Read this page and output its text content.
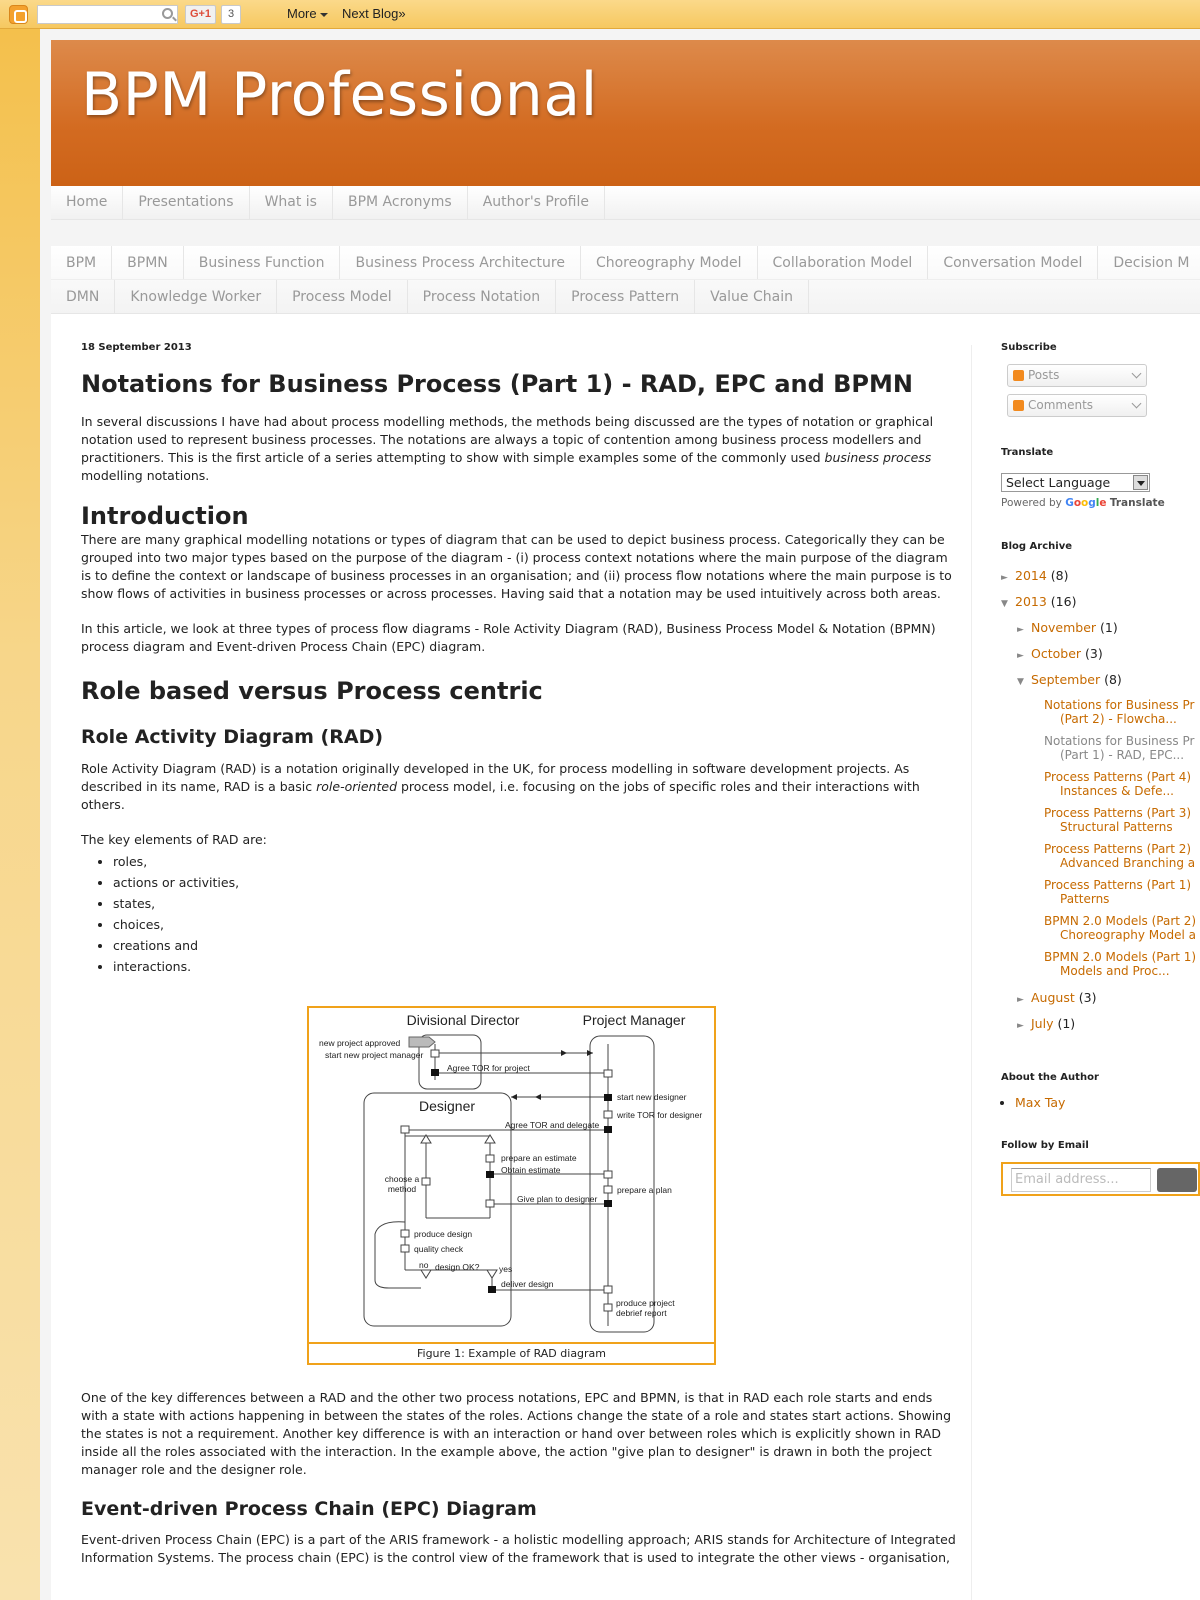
G+1	3	More	Next Blog»
BPM Professional
Home	Presentations	What is	BPM Acronyms	Author's Profile
BPM	BPMN	Business Function	Business Process Architecture	Choreography Model	Collaboration Model	Conversation Model	Decision M
DMN	Knowledge Worker	Process Model	Process Notation	Process Pattern	Value Chain
18 September 2013
Notations for Business Process (Part 1) - RAD, EPC and BPMN

In several discussions I have had about process modelling methods, the methods being discussed are the types of notation or graphical notation used to represent business processes. The notations are always a topic of contention among business process modellers and practitioners. This is the first article of a series attempting to show with simple examples some of the commonly used business process modelling notations.

Introduction

There are many graphical modelling notations or types of diagram that can be used to depict business process. Categorically they can be grouped into two major types based on the purpose of the diagram - (i) process context notations where the main purpose of the diagram is to define the context or landscape of business processes in an organisation; and (ii) process flow notations where the main purpose is to show flows of activities in business processes or across processes. Having said that a notation may be used intuitively across both areas.

In this article, we look at three types of process flow diagrams - Role Activity Diagram (RAD), Business Process Model & Notation (BPMN) process diagram and Event-driven Process Chain (EPC) diagram.

Role based versus Process centric
Role Activity Diagram (RAD)

Role Activity Diagram (RAD) is a notation originally developed in the UK, for process modelling in software development projects. As described in its name, RAD is a basic role-oriented process model, i.e. focusing on the jobs of specific roles and their interactions with others.

The key elements of RAD are:

• roles,
• actions or activities,
• states,
• choices,
• creations and
• interactions.
Divisional Director	Project Manager
Designer
new project approved
start new project manager
Agree TOR for project
start new designer
write TOR for designer
Agree TOR and delegate
choose a
method
prepare an estimate
Obtain estimate
prepare a plan
Give plan to designer
produce design
quality check
no design OK? yes
deliver design
produce project
debrief report
Figure 1: Example of RAD diagram

One of the key differences between a RAD and the other two process notations, EPC and BPMN, is that in RAD each role starts and ends with a state with actions happening in between the states of the roles. Actions change the state of a role and states start actions. Showing the states is not a requirement. Another key difference is with an interaction or hand over between roles which is explicitly shown in RAD inside all the roles associated with the interaction. In the example above, the action "give plan to designer" is drawn in both the project manager role and the designer role.

Event-driven Process Chain (EPC) Diagram

Event-driven Process Chain (EPC) is a part of the ARIS framework - a holistic modelling approach; ARIS stands for Architecture of Integrated Information Systems. The process chain (EPC) is the control view of the framework that is used to integrate the other views - organisation,

Subscribe
Posts
Comments
Translate
Select Language
Powered by Google Translate
Blog Archive
► 2014 (8)
▼ 2013 (16)
► November (1)
► October (3)
▼ September (8)
Notations for Business Pr (Part 2) - Flowcha...
Notations for Business Pr (Part 1) - RAD, EPC...
Process Patterns (Part 4) Instances & Defe...
Process Patterns (Part 3) Structural Patterns
Process Patterns (Part 2) Advanced Branching a
Process Patterns (Part 1) Patterns
BPMN 2.0 Models (Part 2) Choreography Model a
BPMN 2.0 Models (Part 1) Models and Proc...
► August (3)
► July (1)
About the Author
• Max Tay
Follow by Email
Email address...
